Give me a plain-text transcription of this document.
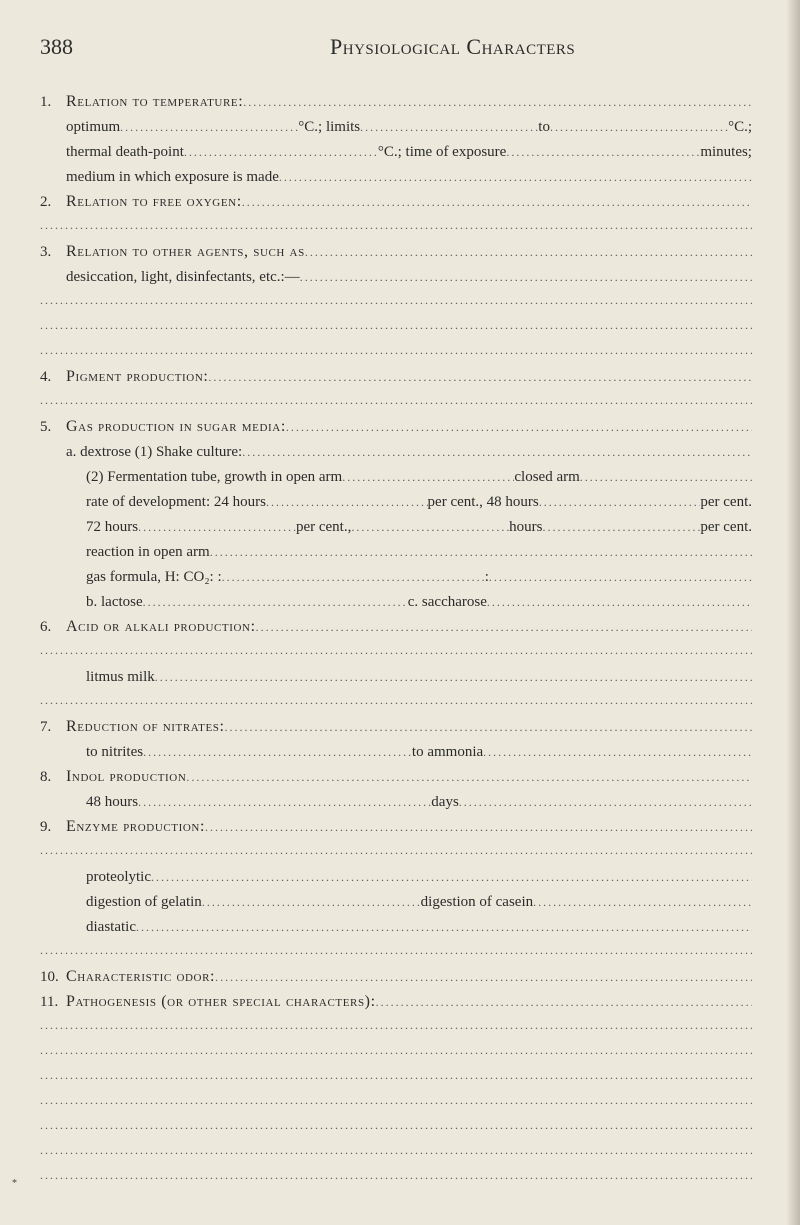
388	Physiological Characters
1. Relation to temperature:
.....
optimum .....	°C.; limits .....	to .....	°C.;
thermal death-point .....	°C.; time of exposure .....	minutes;
medium in which exposure is made
.....
2. Relation to free oxygen:
.....
.....
3. Relation to other agents, such as
.....
desiccation, light, disinfectants, etc.:—
.....
.....
.....
.....
4. Pigment production:
.....
.....
5. Gas production in sugar media:
.....
a. dextrose (1) Shake culture:
.....
(2) Fermentation tube, growth in open arm .....	closed arm
.....
rate of development: 24 hours .....	per cent., 48 hours .....	per cent.
72 hours .....	per cent., .....	hours .....	per cent.
reaction in open arm
.....
gas formula, H: CO₂: : .....	:
.....
b. lactose .....	c. saccharose
.....
6. Acid or alkali production:
.....
.....
litmus milk
.....
.....
7. Reduction of nitrates:
.....
to nitrites .....	to ammonia
.....
8. Indol production
.....
48 hours .....	days
.....
9. Enzyme production:
.....
.....
proteolytic
.....
digestion of gelatin .....	digestion of casein
.....
diastatic
.....
.....
10. Characteristic odor:
.....
11. Pathogenesis (or other special characters):
.....
.....
.....
.....
.....
.....
.....
.....
*
